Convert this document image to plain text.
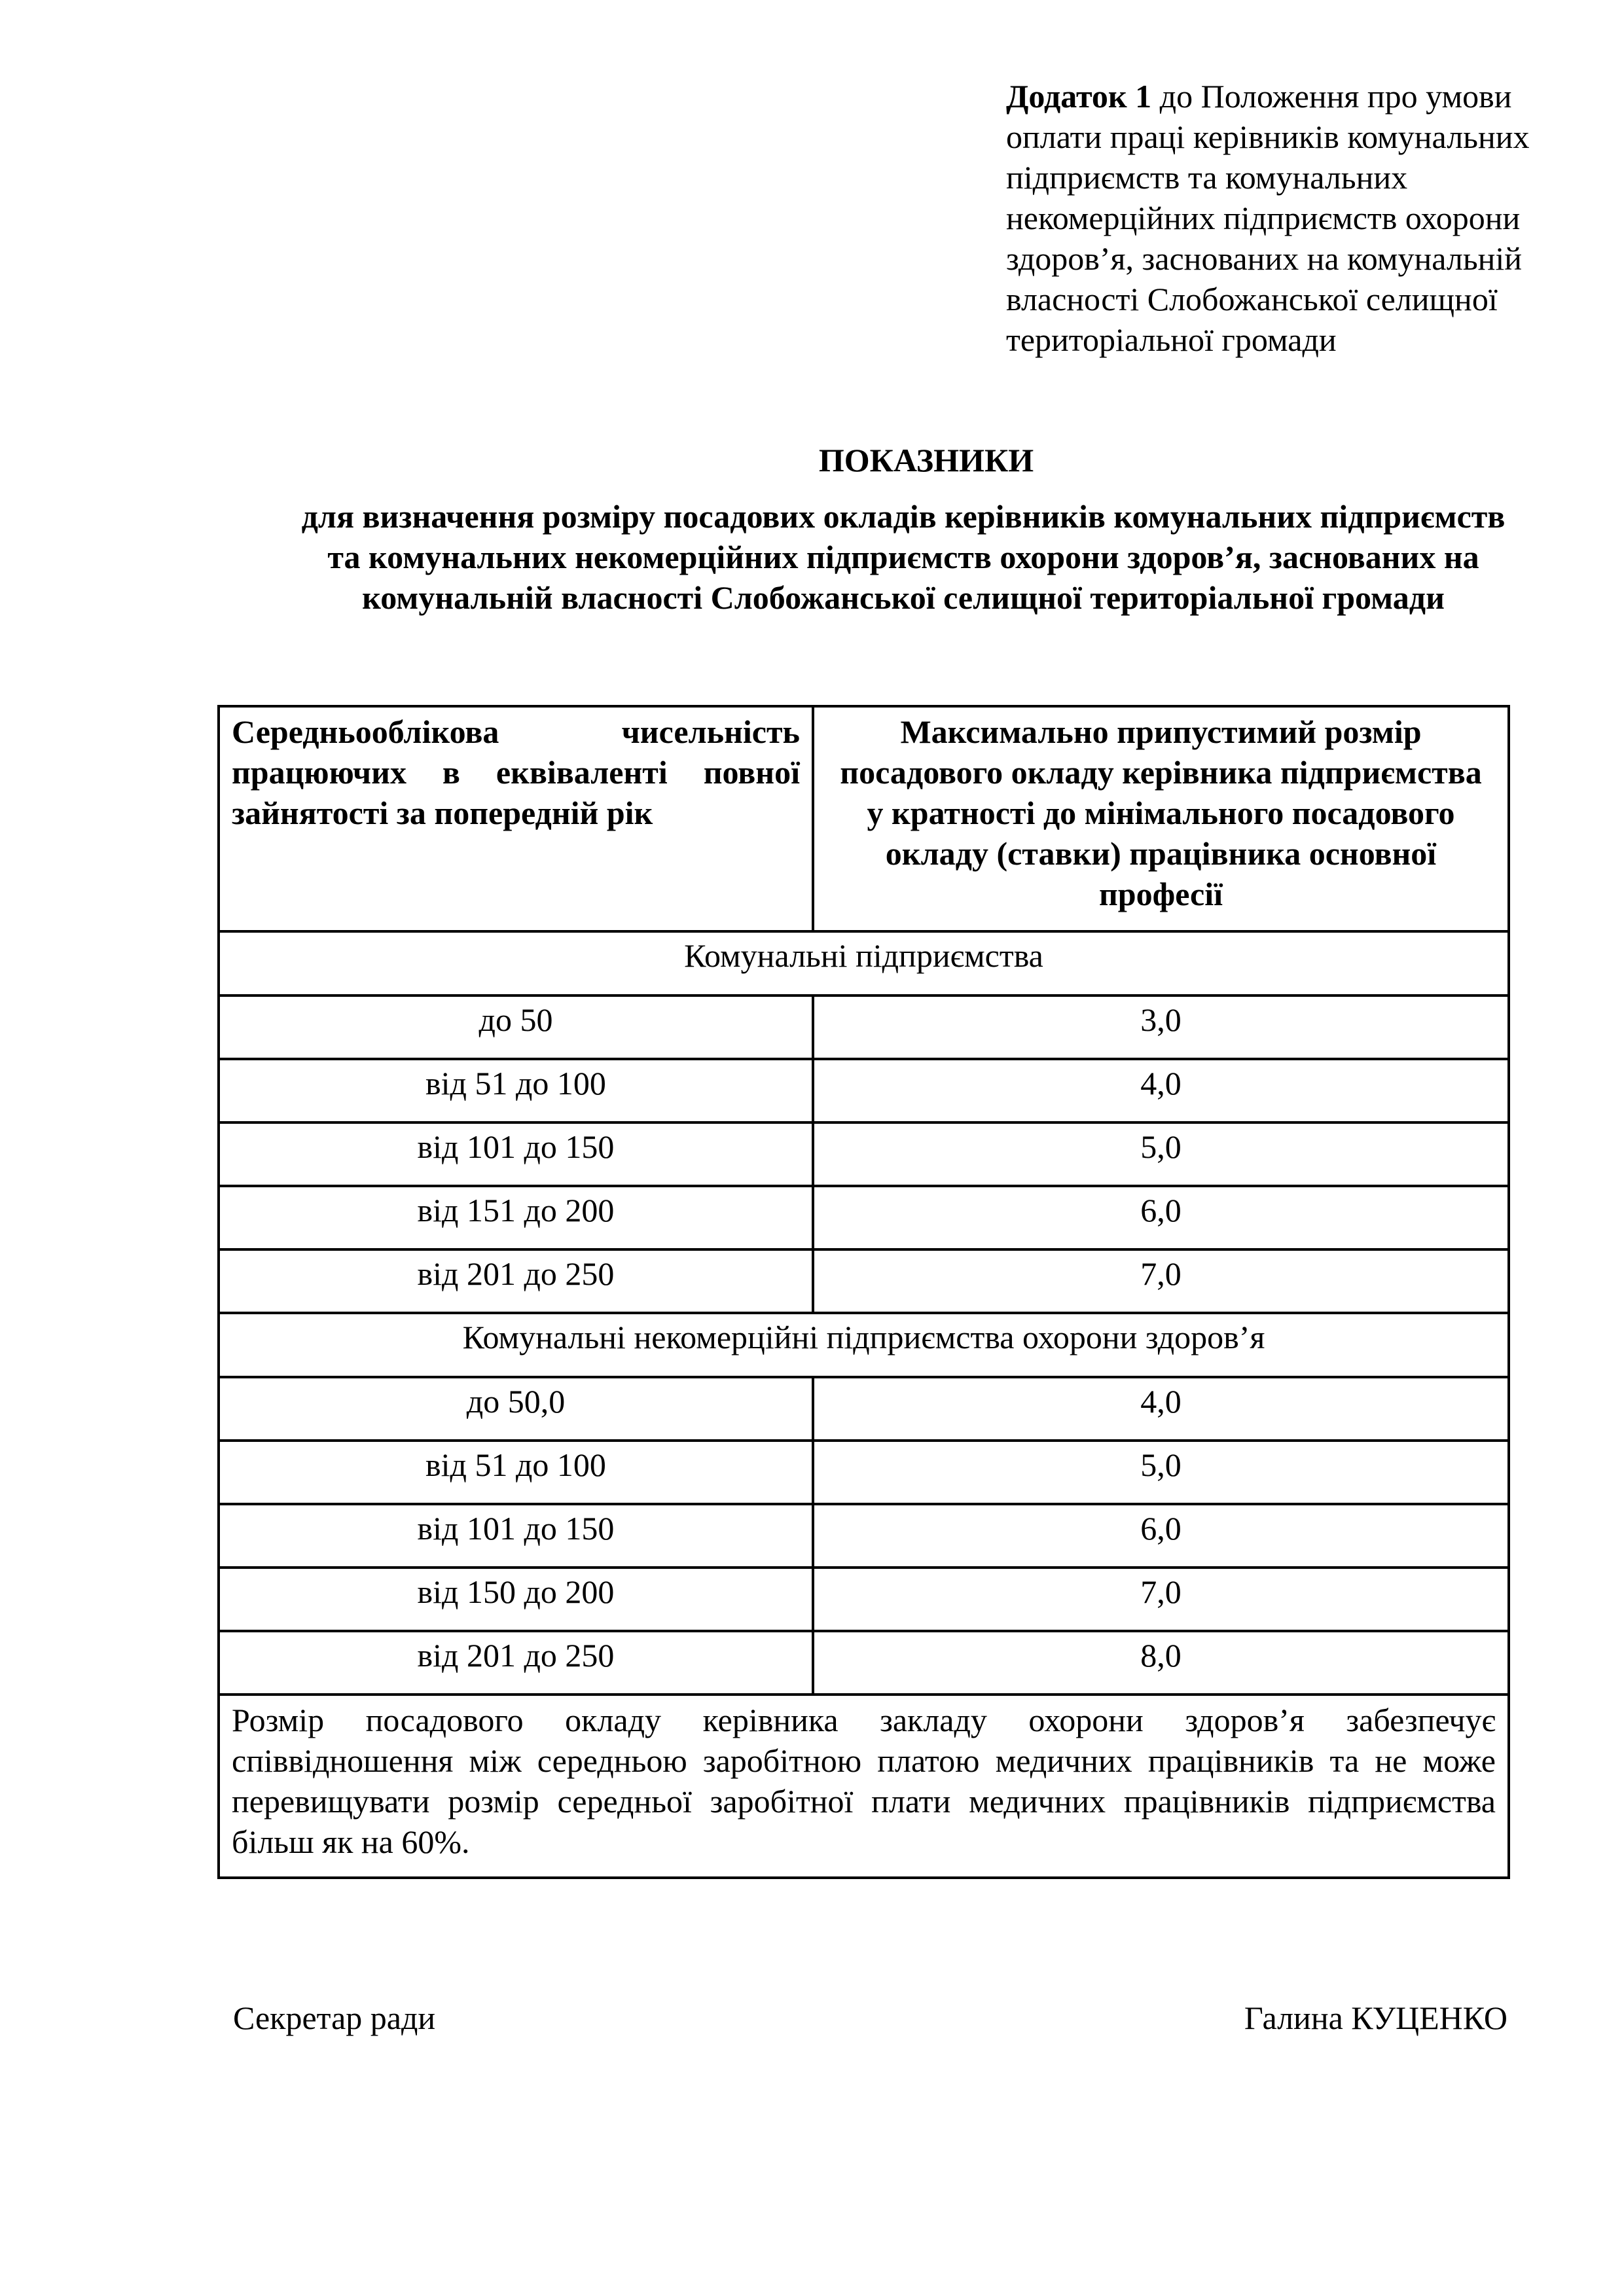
Додаток 1 до Положення про умови
оплати праці керівників комунальних
підприємств та комунальних
некомерційних підприємств охорони
здоров’я, заснованих на комунальній
власності Слобожанської селищної
територіальної громади
ПОКАЗНИКИ
для визначення розміру посадових окладів керівників комунальних підприємств
та комунальних некомерційних підприємств охорони здоров’я, заснованих на
комунальній власності Слобожанської селищної територіальної громади
Середньооблікова чисельність
працюючих в еквіваленті повної
зайнятості за попередній рік

Максимально припустимий розмір
посадового окладу керівника підприємства
у кратності до мінімального посадового
окладу (ставки) працівника основної
професії

Комунальні підприємства	
до 50	3,0
від 51 до 100	4,0
від 101 до 150	5,0
від 151 до 200	6,0
від 201 до 250	7,0
Комунальні некомерційні підприємства охорони здоров’я	
до 50,0	4,0
від 51 до 100	5,0
від 101 до 150	6,0
від 150 до 200	7,0
від 201 до 250	8,0

Розмір посадового окладу керівника закладу охорони здоров’я забезпечує
співвідношення між середньою заробітною платою медичних працівників та не може
перевищувати розмір середньої заробітної плати медичних працівників підприємства
більш як на 60%.	
Секретар ради	Галина КУЦЕНКО
